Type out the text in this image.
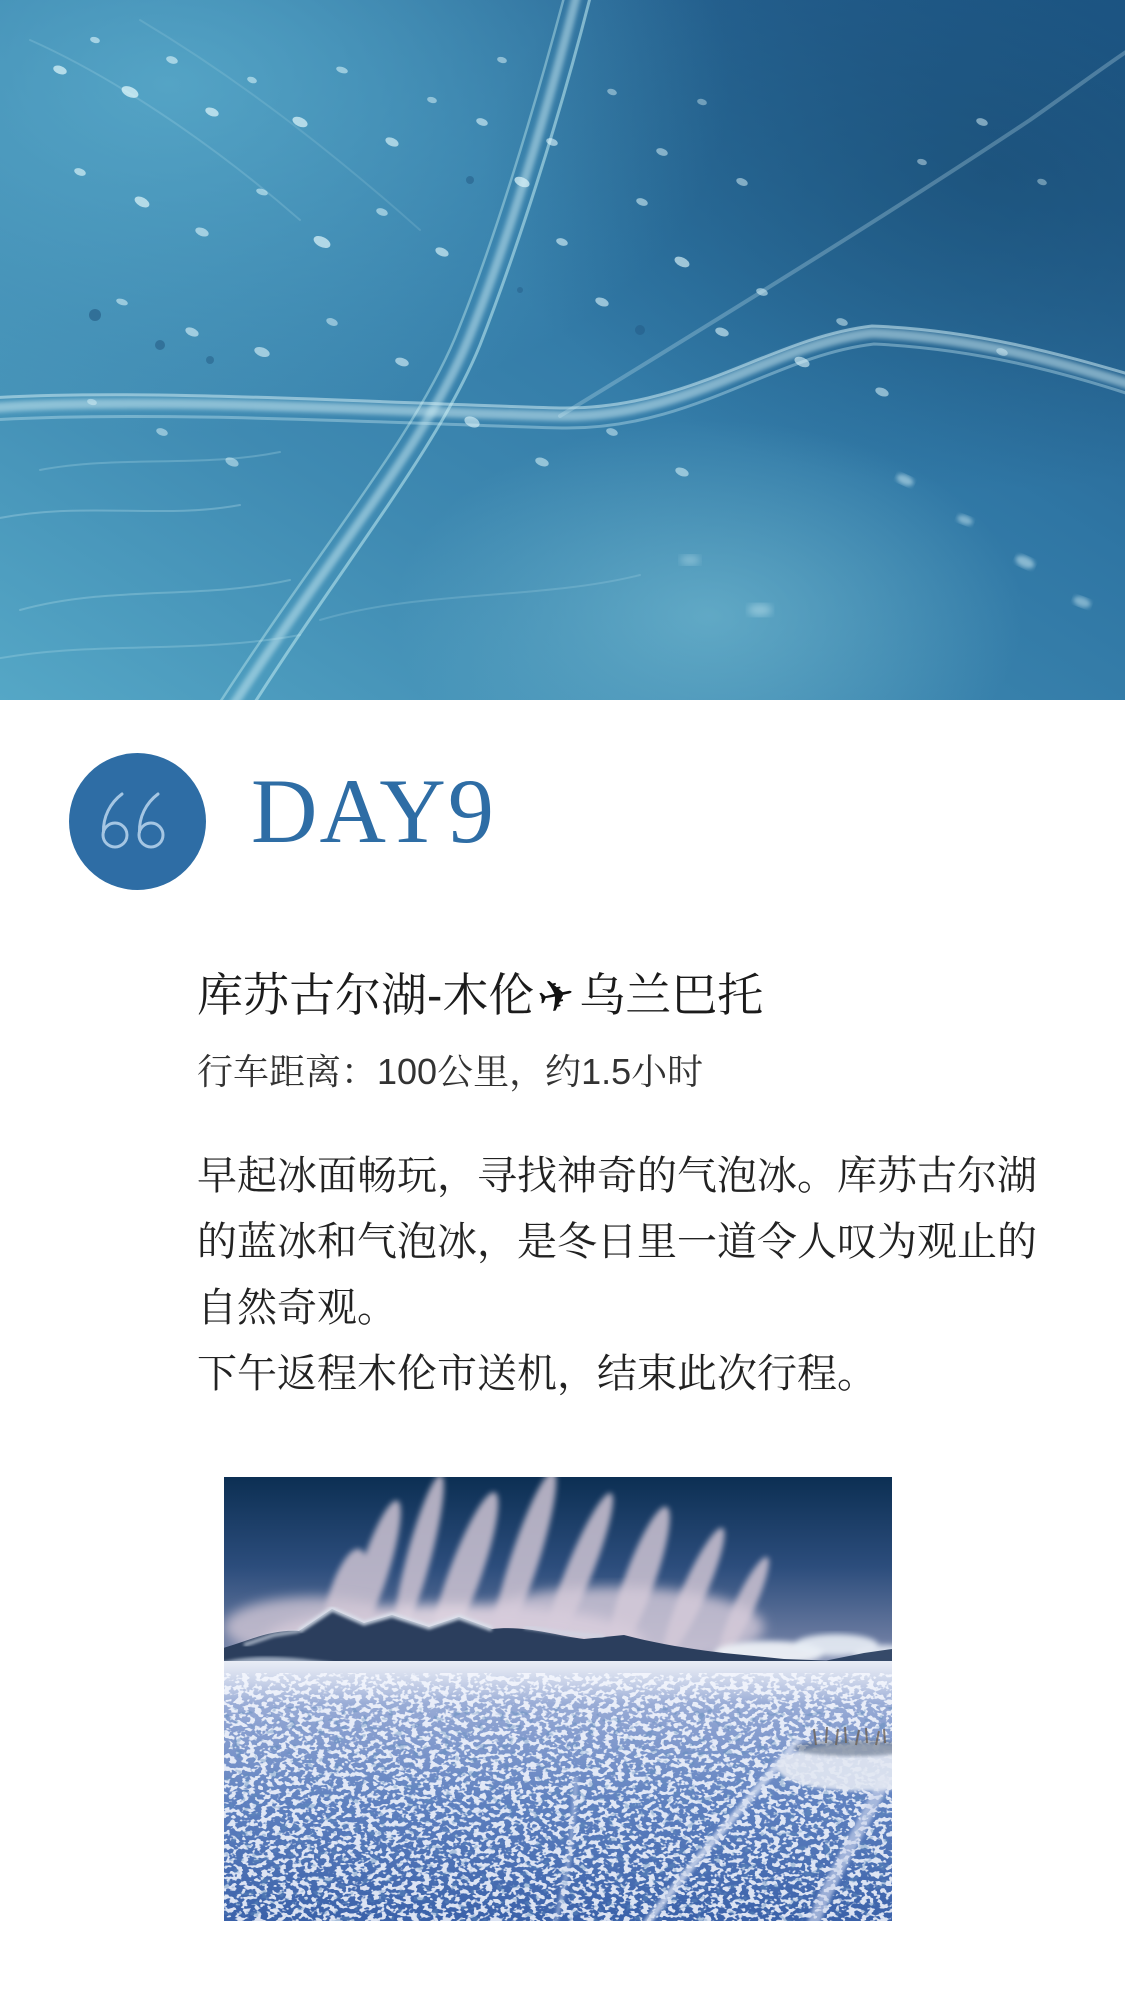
DAY9
库苏古尔湖-木伦✈乌兰巴托
行车距离：100公里，约1.5小时
早起冰面畅玩，寻找神奇的气泡冰。库苏古尔湖
的蓝冰和气泡冰，是冬日里一道令人叹为观止的
自然奇观。
下午返程木伦市送机，结束此次行程。
